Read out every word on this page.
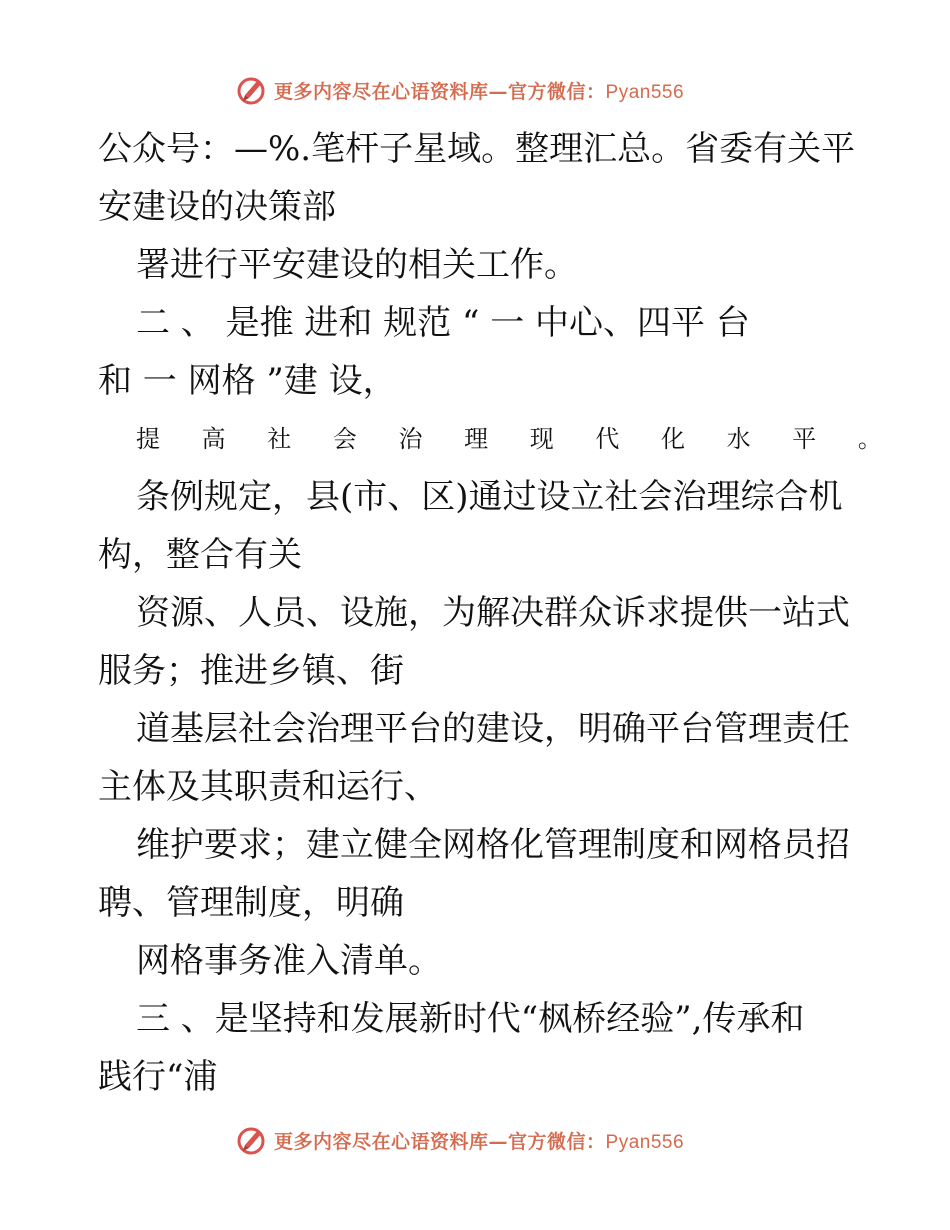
更多内容尽在心语资料库—官方微信：Pyan556
公众号：—%.笔杆子星域。整理汇总。省委有关平
安建设的决策部
署进行平安建设的相关工作。
二 、 是推 进和 规范 “ 一 中心、四平 台
和 一 网格 ”建 设，
提 高 社 会 治 理 现 代 化 水 平 。
条例规定，县(市、区)通过设立社会治理综合机
构，整合有关
资源、人员、设施，为解决群众诉求提供一站式
服务；推进乡镇、街
道基层社会治理平台的建设，明确平台管理责任
主体及其职责和运行、
维护要求；建立健全网格化管理制度和网格员招
聘、管理制度，明确
网格事务准入清单。
三 、是坚持和发展新时代“枫桥经验”,传承和
践行“浦
更多内容尽在心语资料库—官方微信：Pyan556
